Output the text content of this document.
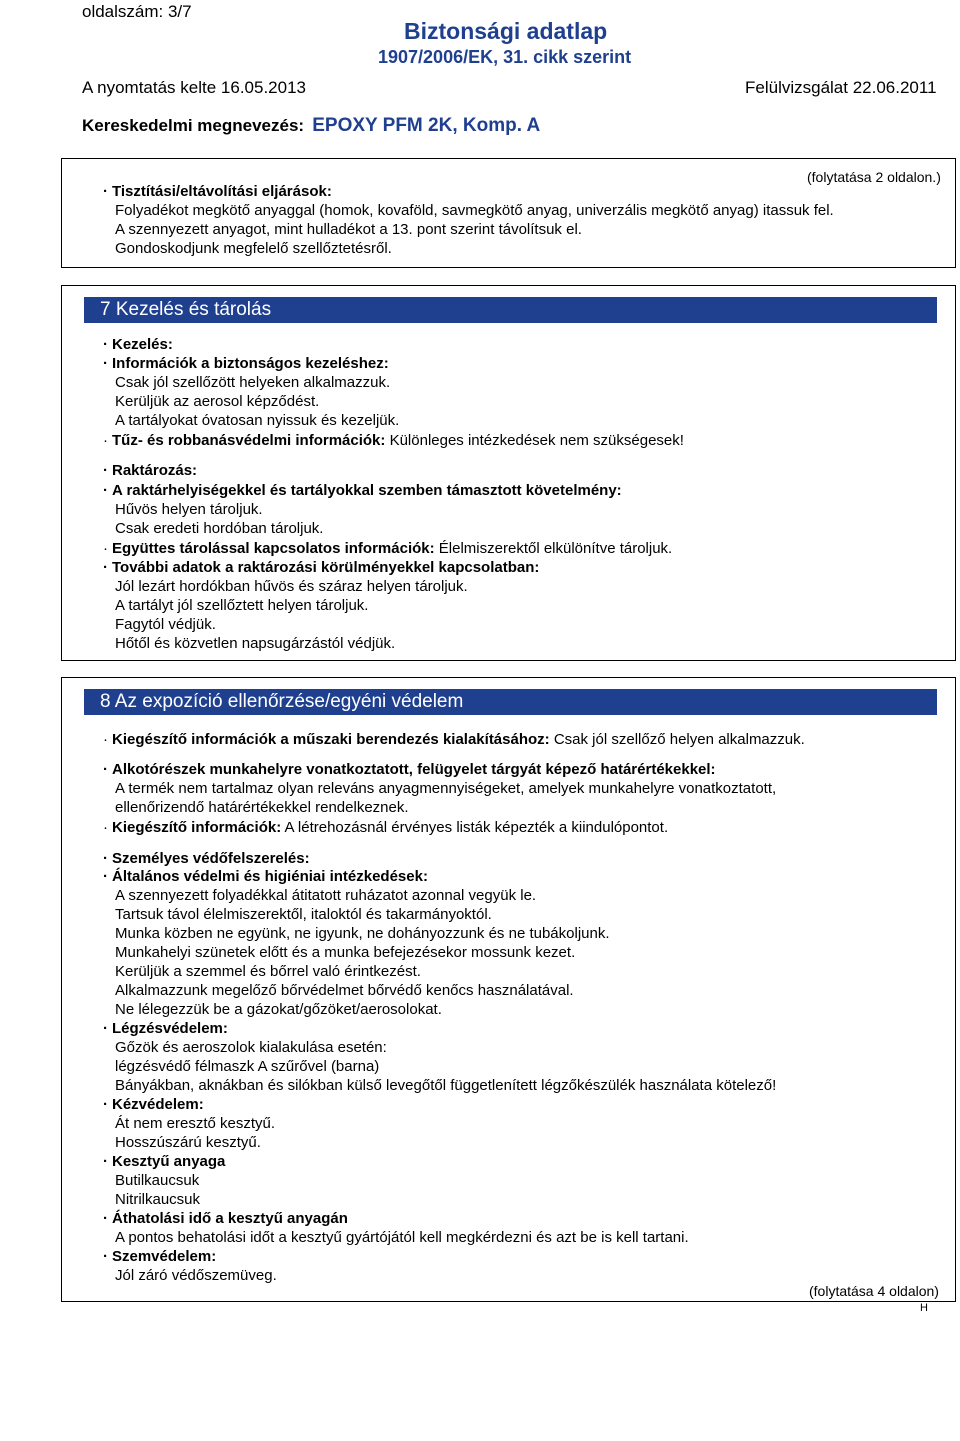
oldalszám: 3/7
Biztonsági adatlap
1907/2006/EK, 31. cikk szerint
A nyomtatás kelte 16.05.2013	Felülvizsgálat 22.06.2011
Kereskedelmi megnevezés: EPOXY PFM 2K, Komp. A
(folytatása 2 oldalon.)
· Tisztítási/eltávolítási eljárások:
Folyadékot megkötő anyaggal (homok, kovaföld, savmegkötő anyag, univerzális megkötő anyag) itassuk fel.
A szennyezett anyagot, mint hulladékot a 13. pont szerint távolítsuk el.
Gondoskodjunk megfelelő szellőztetésről.
7 Kezelés és tárolás
· Kezelés:
· Információk a biztonságos kezeléshez:
Csak jól szellőzött helyeken alkalmazzuk.
Kerüljük az aerosol képződést.
A tartályokat óvatosan nyissuk és kezeljük.
· Tűz- és robbanásvédelmi információk: Különleges intézkedések nem szükségesek!
· Raktározás:
· A raktárhelyiségekkel és tartályokkal szemben támasztott követelmény:
Hűvös helyen tároljuk.
Csak eredeti hordóban tároljuk.
· Együttes tárolással kapcsolatos információk: Élelmiszerektől elkülönítve tároljuk.
· További adatok a raktározási körülményekkel kapcsolatban:
Jól lezárt hordókban hűvös és száraz helyen tároljuk.
A tartályt jól szellőztett helyen tároljuk.
Fagytól védjük.
Hőtől és közvetlen napsugárzástól védjük.
8 Az expozíció ellenőrzése/egyéni védelem
· Kiegészítő információk a műszaki berendezés kialakításához: Csak jól szellőző helyen alkalmazzuk.
· Alkotórészek munkahelyre vonatkoztatott, felügyelet tárgyát képező határértékekkel:
A termék nem tartalmaz olyan releváns anyagmennyiségeket, amelyek munkahelyre vonatkoztatott,
ellenőrizendő határértékekkel rendelkeznek.
· Kiegészítő információk: A létrehozásnál érvényes listák képezték a kiindulópontot.
· Személyes védőfelszerelés:
· Általános védelmi és higiéniai intézkedések:
A szennyezett folyadékkal átitatott ruházatot azonnal vegyük le.
Tartsuk távol élelmiszerektől, italoktól és takarmányoktól.
Munka közben ne együnk, ne igyunk, ne dohányozzunk és ne tubákoljunk.
Munkahelyi szünetek előtt és a munka befejezésekor mossunk kezet.
Kerüljük a szemmel és bőrrel való érintkezést.
Alkalmazzunk megelőző bőrvédelmet bőrvédő kenőcs használatával.
Ne lélegezzük be a gázokat/gőzöket/aerosolokat.
· Légzésvédelem:
Gőzök és aeroszolok kialakulása esetén:
légzésvédő félmaszk A szűrővel (barna)
Bányákban, aknákban és silókban külső levegőtől függetlenített légzőkészülék használata kötelező!
· Kézvédelem:
Át nem eresztő kesztyű.
Hosszúszárú kesztyű.
· Kesztyű anyaga
Butilkaucsuk
Nitrilkaucsuk
· Áthatolási idő a kesztyű anyagán
A pontos behatolási időt a kesztyű gyártójától kell megkérdezni és azt be is kell tartani.
· Szemvédelem:
Jól záró védőszemüveg.
(folytatása 4 oldalon)
H
